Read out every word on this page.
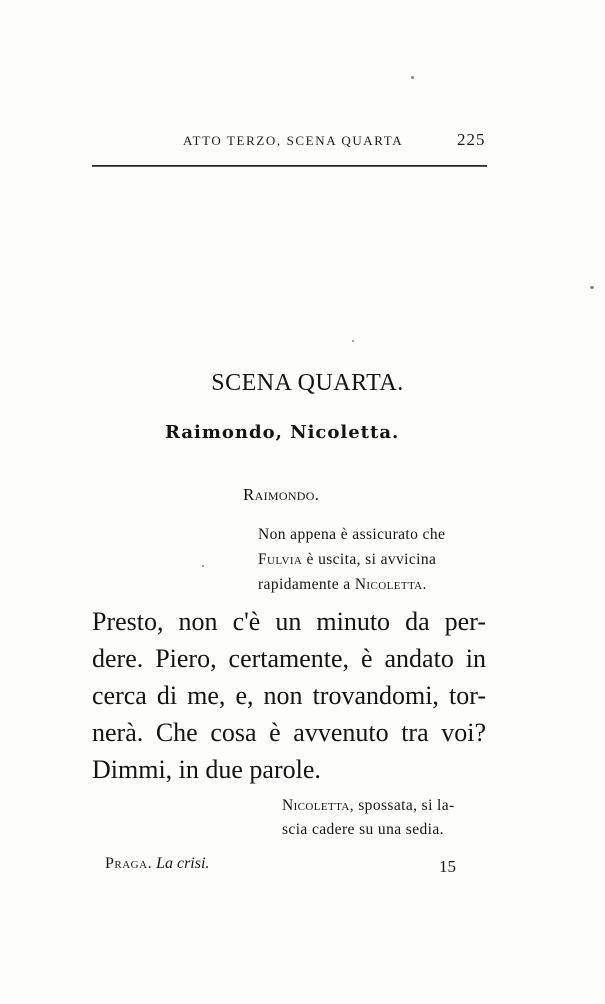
ATTO TERZO, SCENA QUARTA	225
SCENA QUARTA.
Raimondo, Nicoletta.
Raimondo.
Non appena è assicurato che
Fulvia è uscita, si avvicina
rapidamente a Nicoletta.
Presto, non c'è un minuto da per-
dere. Piero, certamente, è andato in
cerca di me, e, non trovandomi, tor-
nerà. Che cosa è avvenuto tra voi?
Dimmi, in due parole.
Nicoletta, spossata, si la-
scia cadere su una sedia.
Praga. La crisi.	15
